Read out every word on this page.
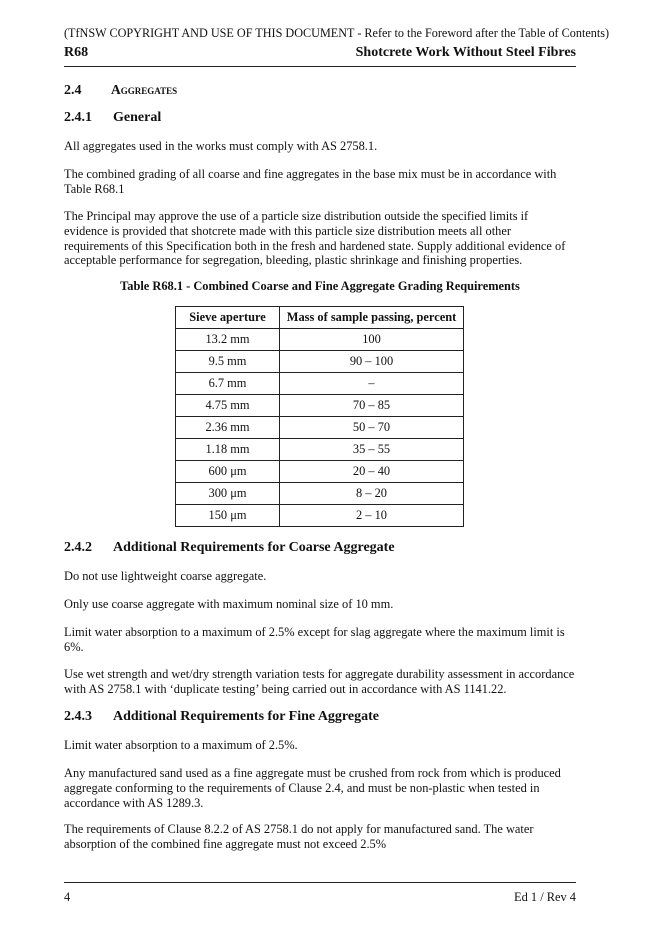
(TfNSW COPYRIGHT AND USE OF THIS DOCUMENT - Refer to the Foreword after the Table of Contents)
R68	Shotcrete Work Without Steel Fibres
2.4 Aggregates
2.4.1 General
All aggregates used in the works must comply with AS 2758.1.
The combined grading of all coarse and fine aggregates in the base mix must be in accordance with
Table R68.1
The Principal may approve the use of a particle size distribution outside the specified limits if
evidence is provided that shotcrete made with this particle size distribution meets all other
requirements of this Specification both in the fresh and hardened state. Supply additional evidence of
acceptable performance for segregation, bleeding, plastic shrinkage and finishing properties.
Table R68.1 - Combined Coarse and Fine Aggregate Grading Requirements
Sieve aperture	Mass of sample passing, percent
13.2 mm	100
9.5 mm	90 – 100
6.7 mm	–
4.75 mm	70 – 85
2.36 mm	50 – 70
1.18 mm	35 – 55
600 μm	20 – 40
300 μm	8 – 20
150 μm	2 – 10
2.4.2 Additional Requirements for Coarse Aggregate
Do not use lightweight coarse aggregate.
Only use coarse aggregate with maximum nominal size of 10 mm.
Limit water absorption to a maximum of 2.5% except for slag aggregate where the maximum limit is
6%.
Use wet strength and wet/dry strength variation tests for aggregate durability assessment in accordance
with AS 2758.1 with ‘duplicate testing’ being carried out in accordance with AS 1141.22.
2.4.3 Additional Requirements for Fine Aggregate
Limit water absorption to a maximum of 2.5%.
Any manufactured sand used as a fine aggregate must be crushed from rock from which is produced
aggregate conforming to the requirements of Clause 2.4, and must be non-plastic when tested in
accordance with AS 1289.3.
The requirements of Clause 8.2.2 of AS 2758.1 do not apply for manufactured sand. The water
absorption of the combined fine aggregate must not exceed 2.5%
4	Ed 1 / Rev 4
